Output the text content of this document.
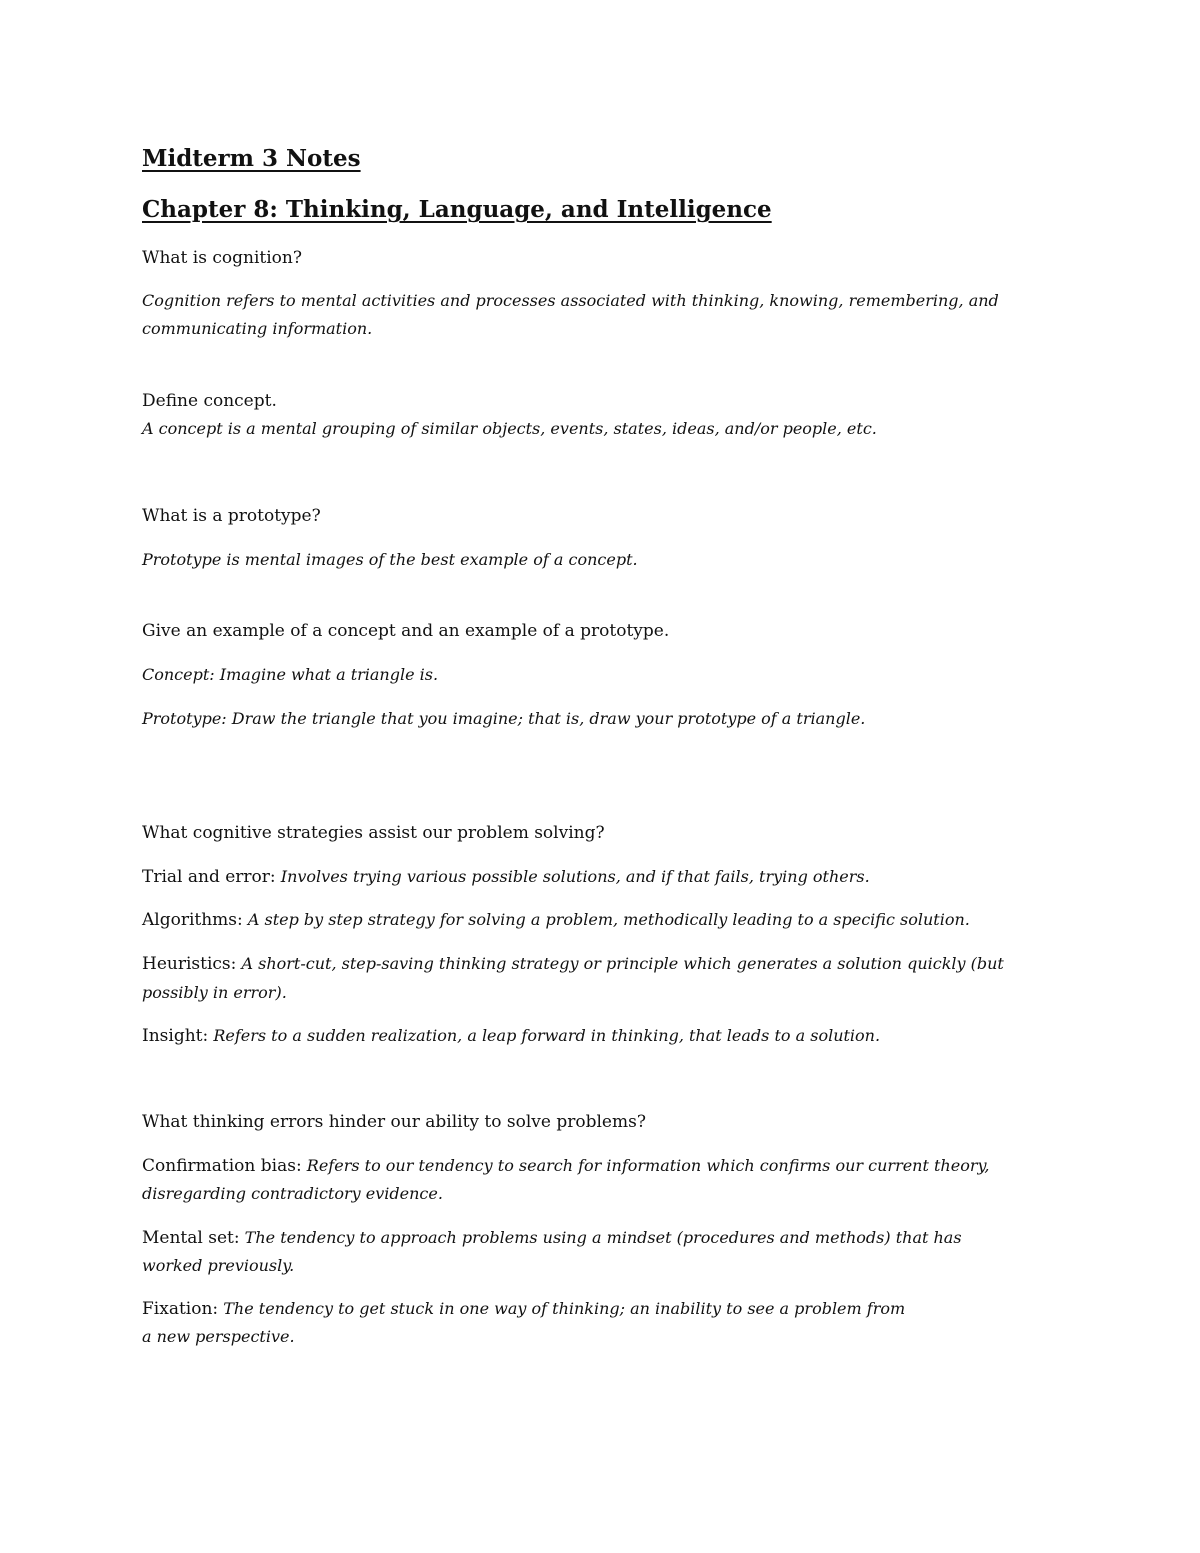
Midterm 3 Notes
Chapter 8: Thinking, Language, and Intelligence

What is cognition?

Cognition refers to mental activities and processes associated with thinking, knowing, remembering, and

communicating information.

Define concept.

A concept is a mental grouping of similar objects, events, states, ideas, and/or people, etc.

What is a prototype?

Prototype is mental images of the best example of a concept.

Give an example of a concept and an example of a prototype.

Concept: Imagine what a triangle is.

Prototype: Draw the triangle that you imagine; that is, draw your prototype of a triangle.

What cognitive strategies assist our problem solving?

Trial and error: Involves trying various possible solutions, and if that fails, trying others.

Algorithms: A step by step strategy for solving a problem, methodically leading to a specific solution.

Heuristics: A short-cut, step-saving thinking strategy or principle which generates a solution quickly (but

possibly in error).

Insight: Refers to a sudden realization, a leap forward in thinking, that leads to a solution.

What thinking errors hinder our ability to solve problems?

Confirmation bias: Refers to our tendency to search for information which confirms our current theory,

disregarding contradictory evidence.

Mental set: The tendency to approach problems using a mindset (procedures and methods) that has

worked previously.

Fixation: The tendency to get stuck in one way of thinking; an inability to see a problem from

a new perspective.
